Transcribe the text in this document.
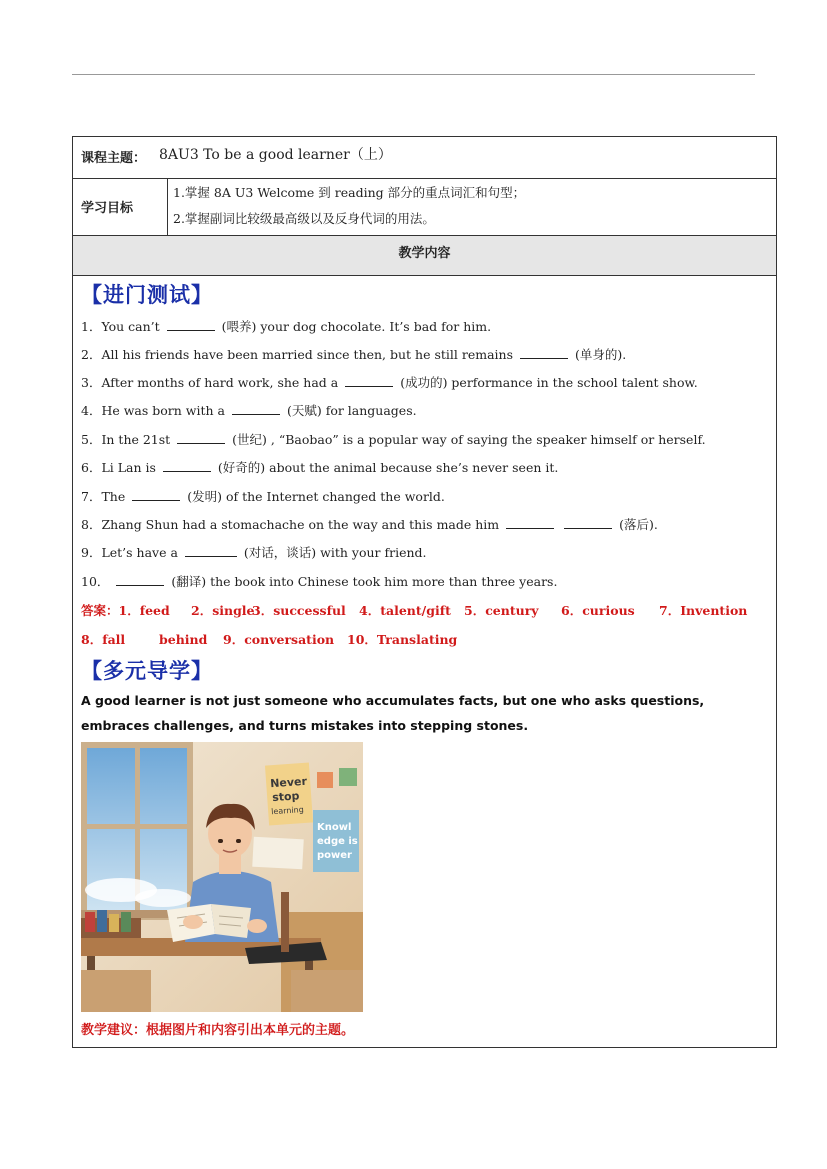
课程主题： 8AU3 To be a good learner（上）
学习目标
1.掌握 8A U3 Welcome 到 reading 部分的重点词汇和句型；
2.掌握副词比较级最高级以及反身代词的用法。
教学内容
【进门测试】
1．You can’t	(喂养) your dog chocolate. It’s bad for him.
2．All his friends have been married since then, but he still remains	(单身的).
3．After months of hard work, she had a	(成功的) performance in the school talent show.
4．He was born with a	(天赋) for languages.
5．In the 21st	(世纪) , “Baobao” is a popular way of saying the speaker himself or herself.
6．Li Lan is	(好奇的) about the animal because she’s never seen it.
7．The	(发明) of the Internet changed the world.
8．Zhang Shun had a stomachache on the way and this made him	(落后).
9．Let’s have a	(对话，谈话) with your friend.
10．	(翻译) the book into Chinese took him more than three years.
答案：1．feed 2．single3．successful 4．talent/gift 5．century 6．curious 7．Invention
8．fall	behind 9．conversation 10．Translating
【多元导学】
A good learner is not just someone who accumulates facts, but one who asks questions, embraces challenges, and turns mistakes into stepping stones.
Never
stop
learning
Knowl
edge is
power
教学建议：根据图片和内容引出本单元的主题。
